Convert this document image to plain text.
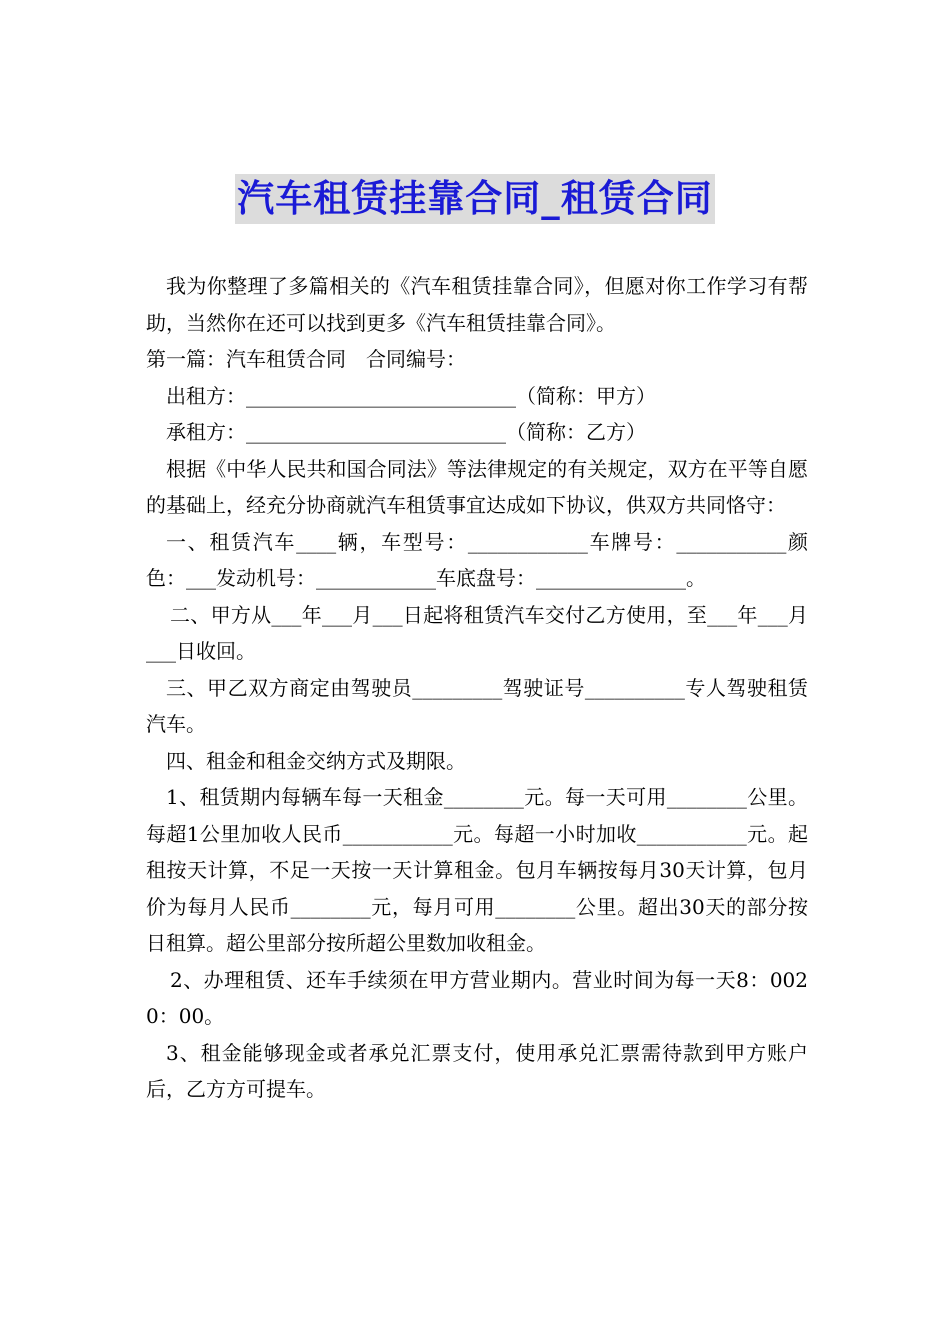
汽车租赁挂靠合同_租赁合同

我为你整理了多篇相关的《汽车租赁挂靠合同》，但愿对你工作学习有帮助，当然你在还可以找到更多《汽车租赁挂靠合同》。

第一篇：汽车租赁合同　合同编号：

出租方：___________________________（简称：甲方）

承租方：__________________________（简称：乙方）

根据《中华人民共和国合同法》等法律规定的有关规定，双方在平等自愿的基础上，经充分协商就汽车租赁事宜达成如下协议，供双方共同恪守：

一、租赁汽车____辆，车型号：____________车牌号：___________颜色：___发动机号：____________车底盘号：_______________。

二、甲方从___年___月___日起将租赁汽车交付乙方使用，至___年___月___日收回。

三、甲乙双方商定由驾驶员_________驾驶证号__________专人驾驶租赁汽车。

四、租金和租金交纳方式及期限。

1、租赁期内每辆车每一天租金________元。每一天可用________公里。每超1公里加收人民币___________元。每超一小时加收___________元。起租按天计算，不足一天按一天计算租金。包月车辆按每月30天计算，包月价为每月人民币________元，每月可用________公里。超出30天的部分按日租算。超公里部分按所超公里数加收租金。

2、办理租赁、还车手续须在甲方营业期内。营业时间为每一天8：0020：00。

3、租金能够现金或者承兑汇票支付，使用承兑汇票需待款到甲方账户后，乙方方可提车。
